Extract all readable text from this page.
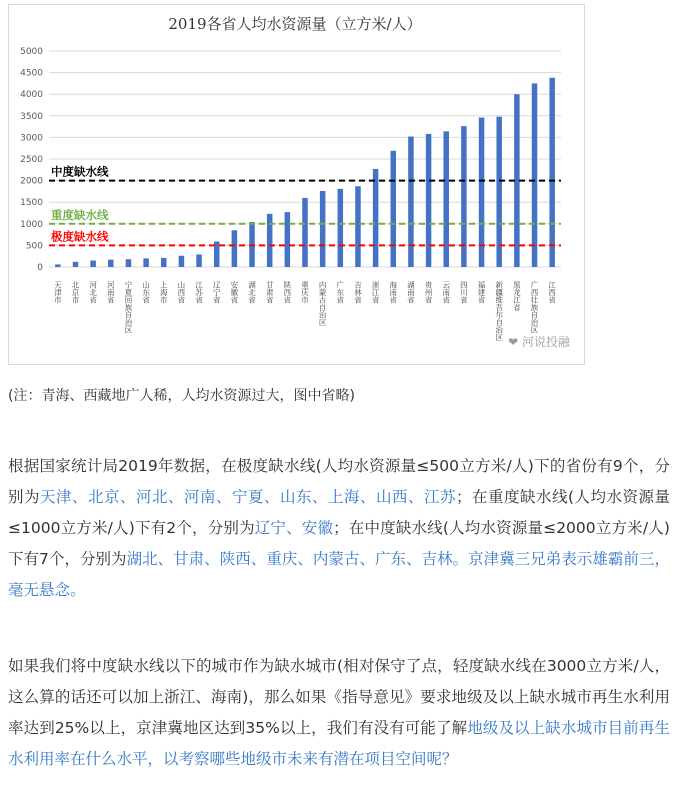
2019各省人均水资源量（立方米/人）
0
500
1000
1500
2000
2500
3000
3500
4000
4500
5000
天津市 北京市 河北省 河南省 宁夏回族自治区 山东省 上海市 山西省 江苏省 辽宁省 安徽省 湖北省 甘肃省 陕西省 重庆市 内蒙古自治区 广东省 吉林省 浙江省 海南省 湖南省 贵州省 云南省 四川省 福建省 新疆维吾尔自治区 黑龙江省 广西壮族自治区 江西省
中度缺水线
重度缺水线
极度缺水线
❤ 河说投融
(注：青海、西藏地广人稀，人均水资源过大，图中省略)
根据国家统计局2019年数据，在极度缺水线(人均水资源量≤500立方米/人)下的省份有9个，分别为天津、北京、河北、河南、宁夏、山东、上海、山西、江苏；在重度缺水线(人均水资源量≤1000立方米/人)下有2个，分别为辽宁、安徽；在中度缺水线(人均水资源量≤2000立方米/人)下有7个，分别为湖北、甘肃、陕西、重庆、内蒙古、广东、吉林。京津冀三兄弟表示雄霸前三，毫无悬念。
如果我们将中度缺水线以下的城市作为缺水城市(相对保守了点，轻度缺水线在3000立方米/人，这么算的话还可以加上浙江、海南)，那么如果《指导意见》要求地级及以上缺水城市再生水利用率达到25%以上，京津冀地区达到35%以上，我们有没有可能了解地级及以上缺水城市目前再生水利用率在什么水平，以考察哪些地级市未来有潜在项目空间呢？
